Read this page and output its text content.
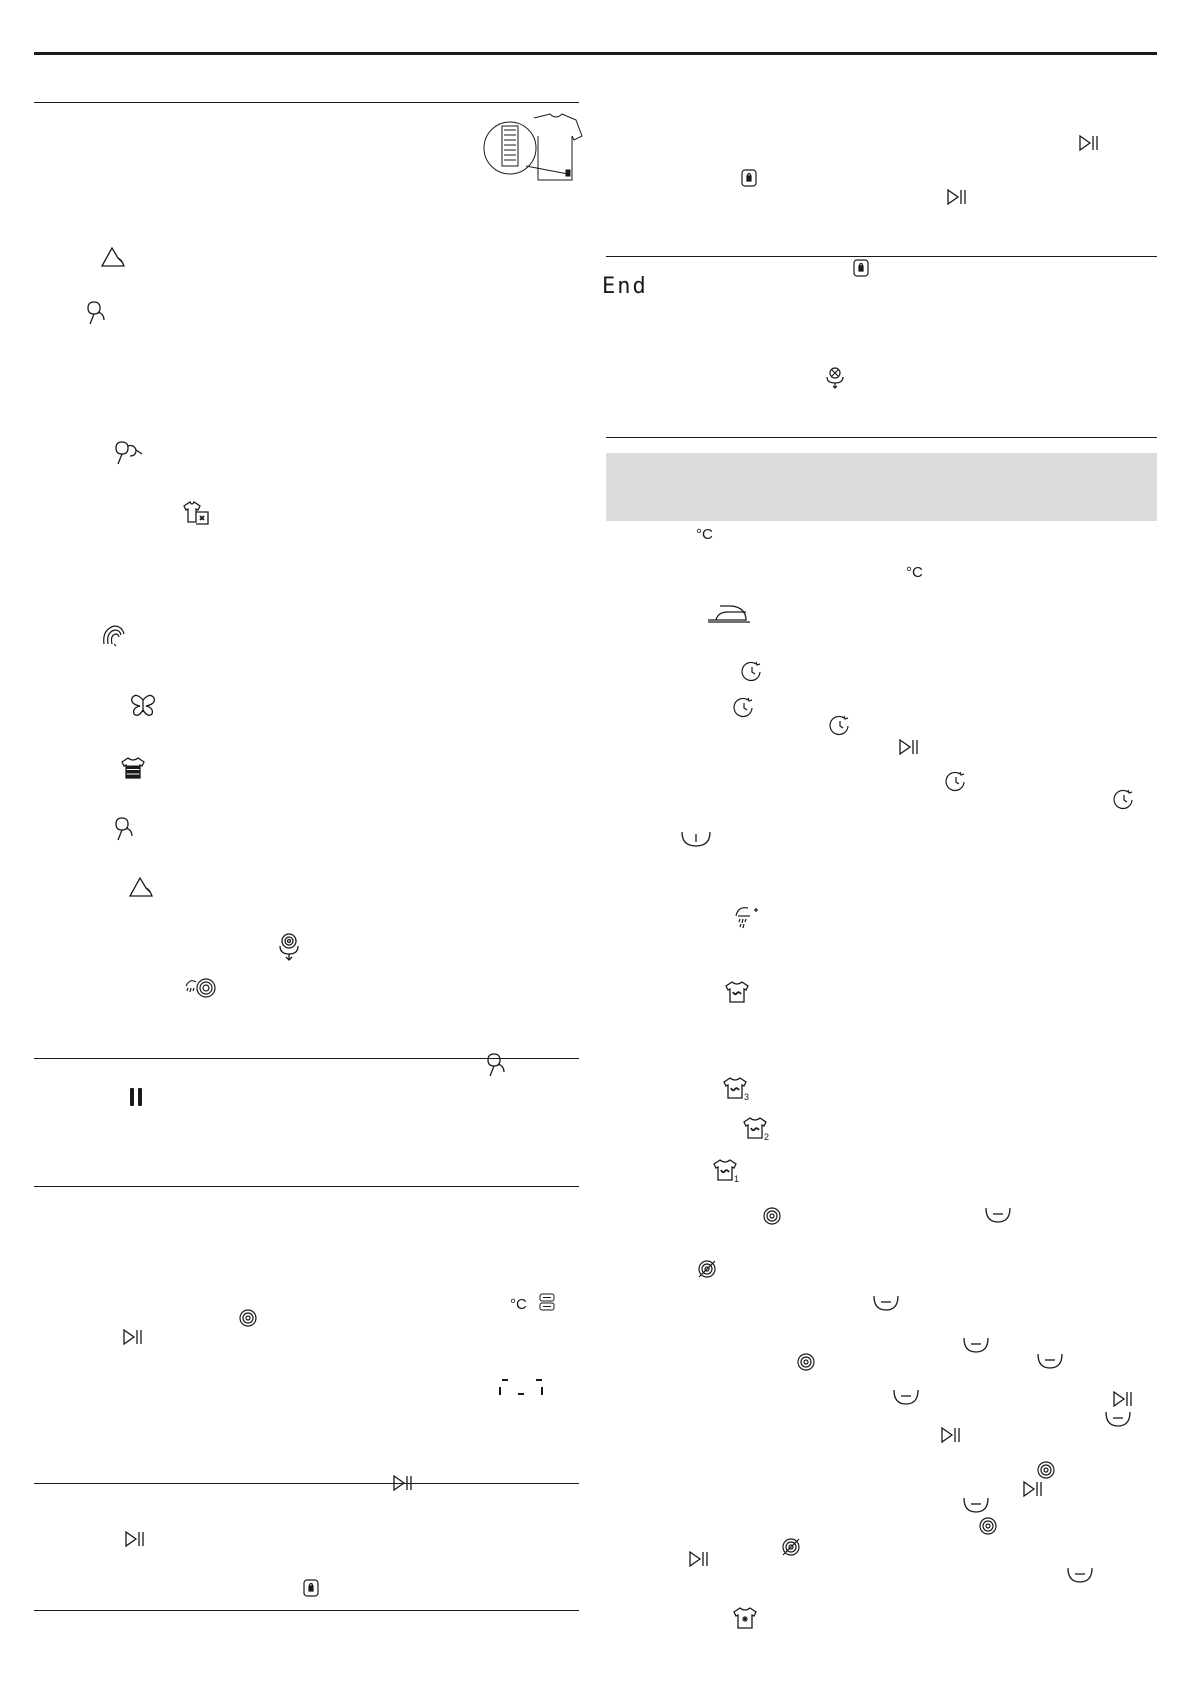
°C
End
°C
°C
3
2
1
